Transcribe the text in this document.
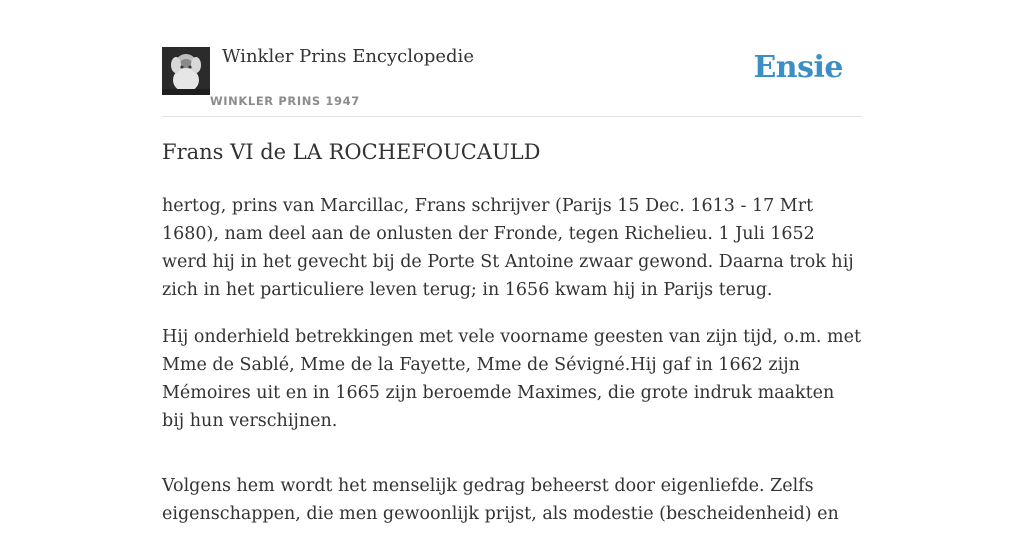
Winkler Prins Encyclopedie
WINKLER PRINS 1947
Ensie
Frans VI de LA ROCHEFOUCAULD

hertog, prins van Marcillac, Frans schrijver (Parijs 15 Dec. 1613 - 17 Mrt 1680), nam deel aan de onlusten der Fronde, tegen Richelieu. 1 Juli 1652 werd hij in het gevecht bij de Porte St Antoine zwaar gewond. Daarna trok hij zich in het particuliere leven terug; in 1656 kwam hij in Parijs terug.

Hij onderhield betrekkingen met vele voorname geesten van zijn tijd, o.m. met Mme de Sablé, Mme de la Fayette, Mme de Sévigné.Hij gaf in 1662 zijn Mémoires uit en in 1665 zijn beroemde Maximes, die grote indruk maakten bij hun verschijnen.

Volgens hem wordt het menselijk gedrag beheerst door eigenliefde. Zelfs eigenschappen, die men gewoonlijk prijst, als modestie (bescheidenheid) en
